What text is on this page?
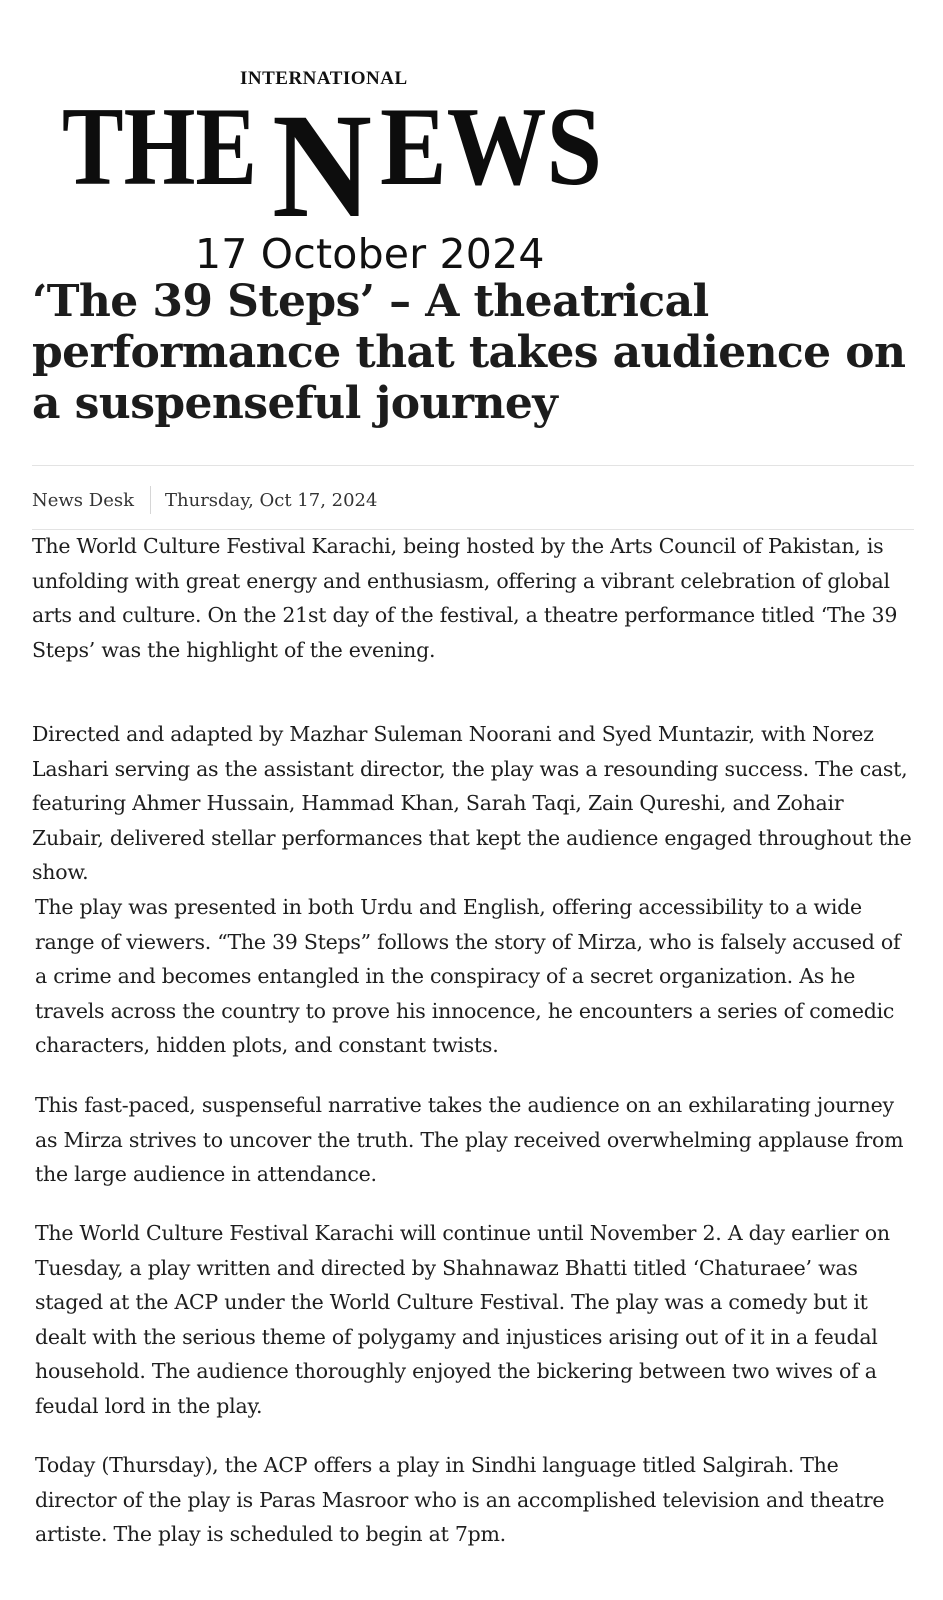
INTERNATIONAL
THE N EWS
17 October 2024
‘The 39 Steps’ – A theatrical performance that takes audience on a suspenseful journey
News Desk	Thursday, Oct 17, 2024

The World Culture Festival Karachi, being hosted by the Arts Council of Pakistan, is unfolding with great energy and enthusiasm, offering a vibrant celebration of global arts and culture. On the 21st day of the festival, a theatre performance titled ‘The 39 Steps’ was the highlight of the evening.

Directed and adapted by Mazhar Suleman Noorani and Syed Muntazir, with Norez Lashari serving as the assistant director, the play was a resounding success. The cast, featuring Ahmer Hussain, Hammad Khan, Sarah Taqi, Zain Qureshi, and Zohair Zubair, delivered stellar performances that kept the audience engaged throughout the show.

The play was presented in both Urdu and English, offering accessibility to a wide range of viewers. “The 39 Steps” follows the story of Mirza, who is falsely accused of a crime and becomes entangled in the conspiracy of a secret organization. As he travels across the country to prove his innocence, he encounters a series of comedic characters, hidden plots, and constant twists.

This fast-paced, suspenseful narrative takes the audience on an exhilarating journey as Mirza strives to uncover the truth. The play received overwhelming applause from the large audience in attendance.

The World Culture Festival Karachi will continue until November 2. A day earlier on Tuesday, a play written and directed by Shahnawaz Bhatti titled ‘Chaturaee’ was staged at the ACP under the World Culture Festival. The play was a comedy but it dealt with the serious theme of polygamy and injustices arising out of it in a feudal household. The audience thoroughly enjoyed the bickering between two wives of a feudal lord in the play.

Today (Thursday), the ACP offers a play in Sindhi language titled Salgirah. The director of the play is Paras Masroor who is an accomplished television and theatre artiste. The play is scheduled to begin at 7pm.
